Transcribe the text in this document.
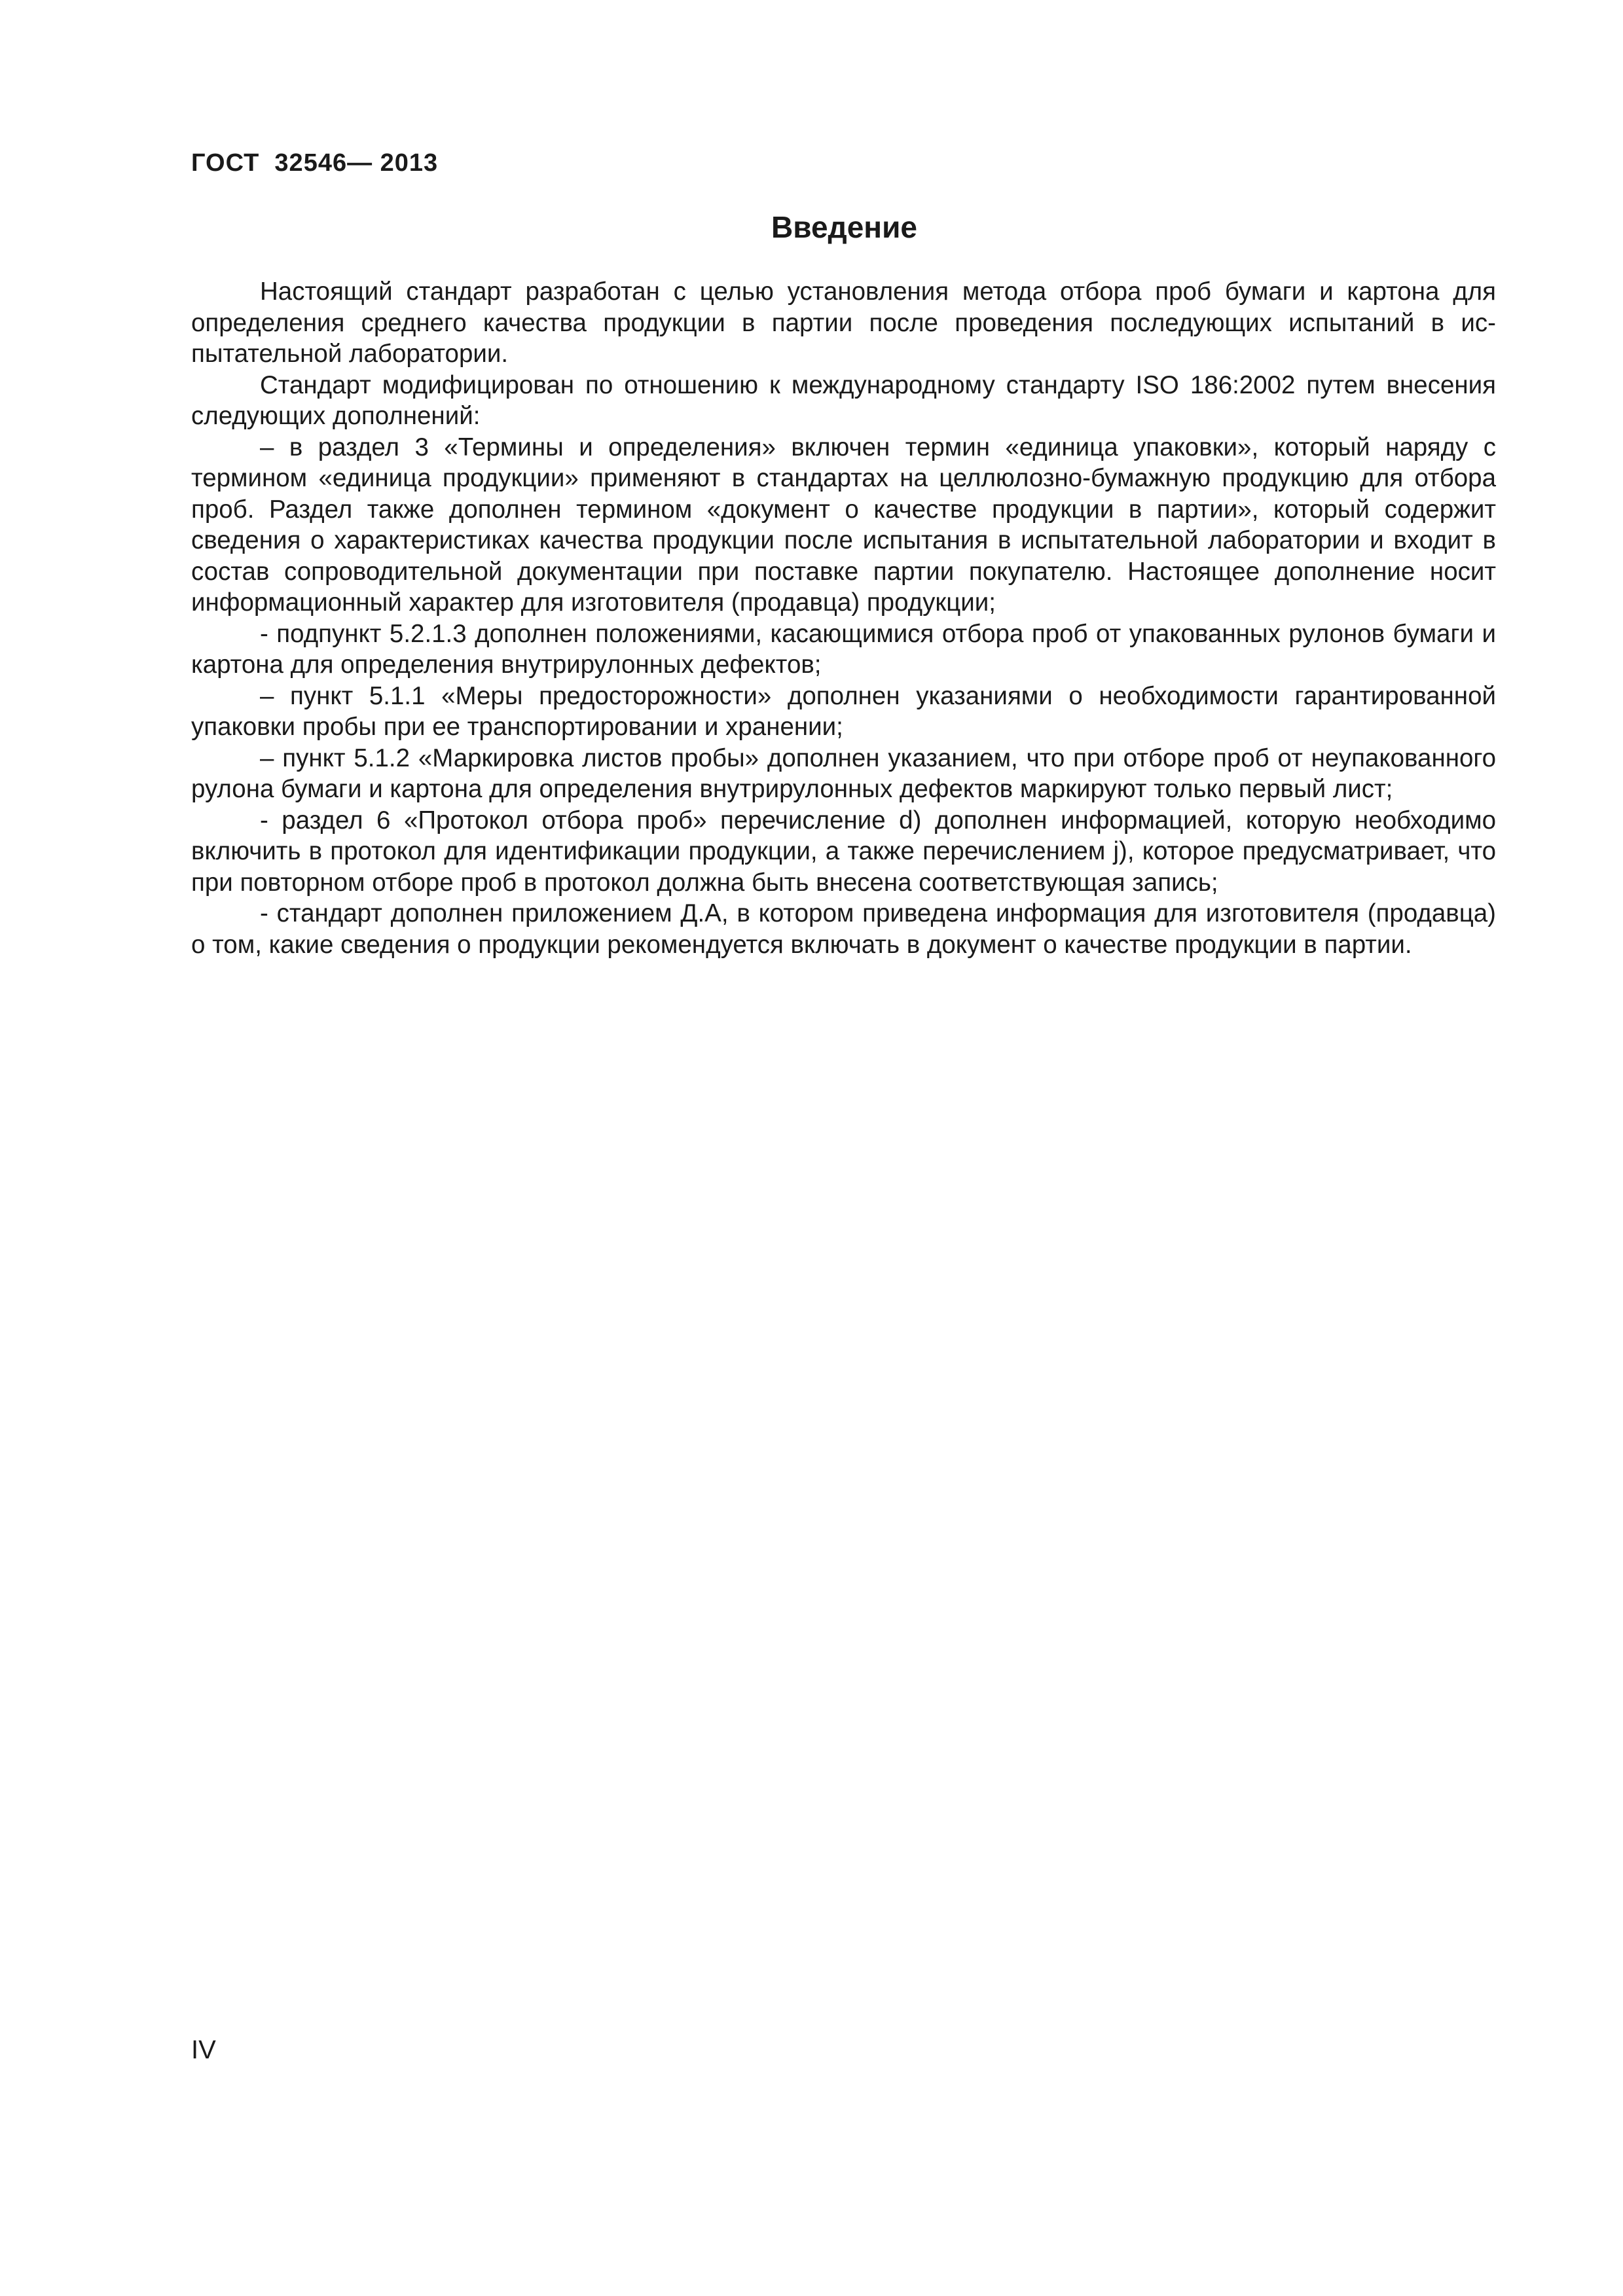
ГОСТ  32546— 2013
Введение

Настоящий стандарт разработан с целью установления метода отбора проб бумаги и картона для определения среднего качества продукции в партии после проведения последующих испытаний в испытательной лаборатории.

Стандарт модифицирован по отношению к международному стандарту ISO 186:2002 путем внесения следующих дополнений:

– в раздел 3 «Термины и определения» включен термин «единица упаковки», который наряду с термином «единица продукции» применяют в стандартах на целлюлозно-бумажную продукцию для отбора проб. Раздел также дополнен термином «документ о качестве продукции в партии», который содержит сведения о характеристиках качества продукции после испытания в испытательной лаборатории и входит в состав сопроводительной документации при поставке партии покупателю. Настоящее дополнение носит информационный характер для изготовителя (продавца) продукции;

- подпункт 5.2.1.3 дополнен положениями, касающимися отбора проб от упакованных рулонов бумаги и картона для определения внутрирулонных дефектов;

– пункт 5.1.1 «Меры предосторожности» дополнен указаниями о необходимости гарантированной упаковки пробы при ее транспортировании и хранении;

– пункт 5.1.2 «Маркировка листов пробы» дополнен указанием, что при отборе проб от неупакованного рулона бумаги и картона для определения внутрирулонных дефектов маркируют только первый лист;

- раздел 6 «Протокол отбора проб» перечисление d) дополнен информацией, которую необходимо включить в протокол для идентификации продукции, а также перечислением j), которое предусматривает, что при повторном отборе проб в протокол должна быть внесена соответствующая запись;

- стандарт дополнен приложением Д.А, в котором приведена информация для изготовителя (продавца) о том, какие сведения о продукции рекомендуется включать в документ о качестве продукции в партии.

IV
